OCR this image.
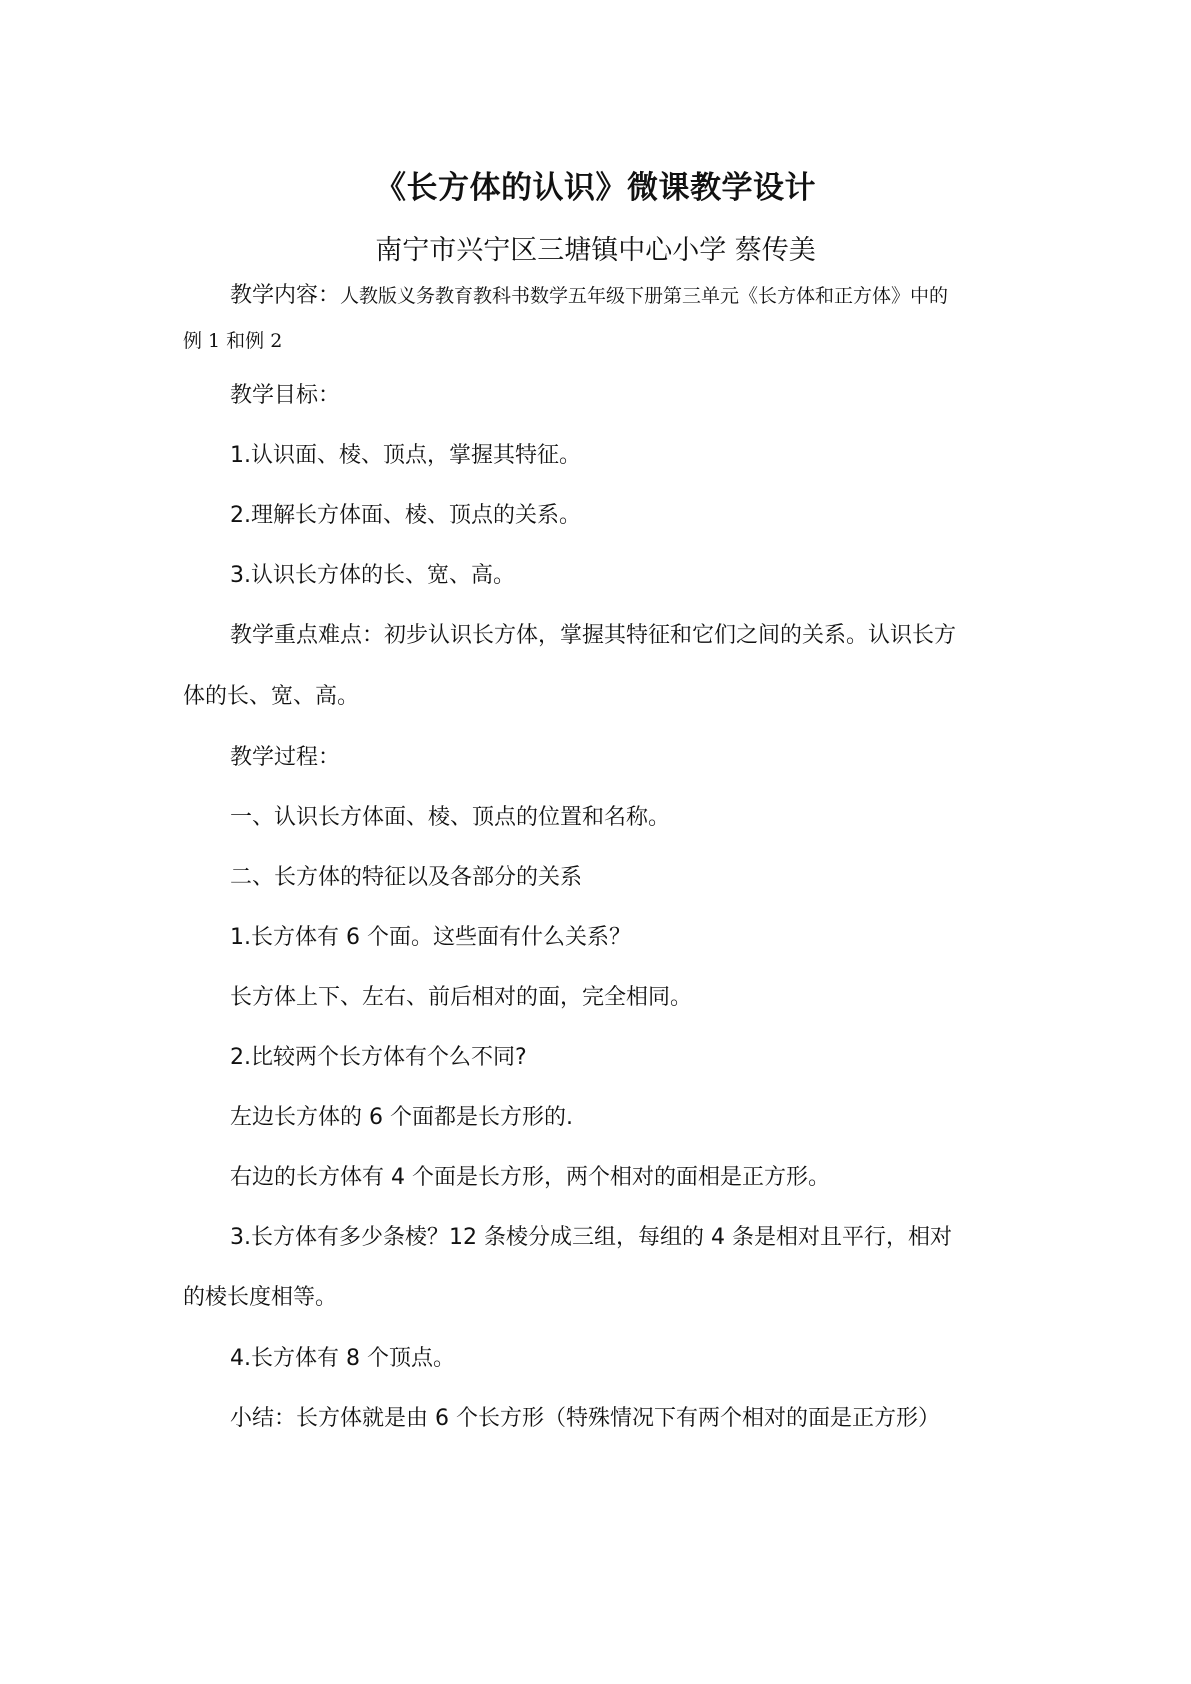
《长方体的认识》微课教学设计
南宁市兴宁区三塘镇中心小学 蔡传美
教学内容：人教版义务教育教科书数学五年级下册第三单元《长方体和正方体》中的
例 1 和例 2
教学目标：
1.认识面、棱、顶点，掌握其特征。
2.理解长方体面、棱、顶点的关系。
3.认识长方体的长、宽、高。
教学重点难点：初步认识长方体，掌握其特征和它们之间的关系。认识长方
体的长、宽、高。
教学过程：
一、认识长方体面、棱、顶点的位置和名称。
二、长方体的特征以及各部分的关系
1.长方体有 6 个面。这些面有什么关系？
长方体上下、左右、前后相对的面，完全相同。
2.比较两个长方体有个么不同?
左边长方体的 6 个面都是长方形的.
右边的长方体有 4 个面是长方形，两个相对的面相是正方形。
3.长方体有多少条棱？12 条棱分成三组，每组的 4 条是相对且平行，相对
的棱长度相等。
4.长方体有 8 个顶点。
小结：长方体就是由 6 个长方形（特殊情况下有两个相对的面是正方形）
